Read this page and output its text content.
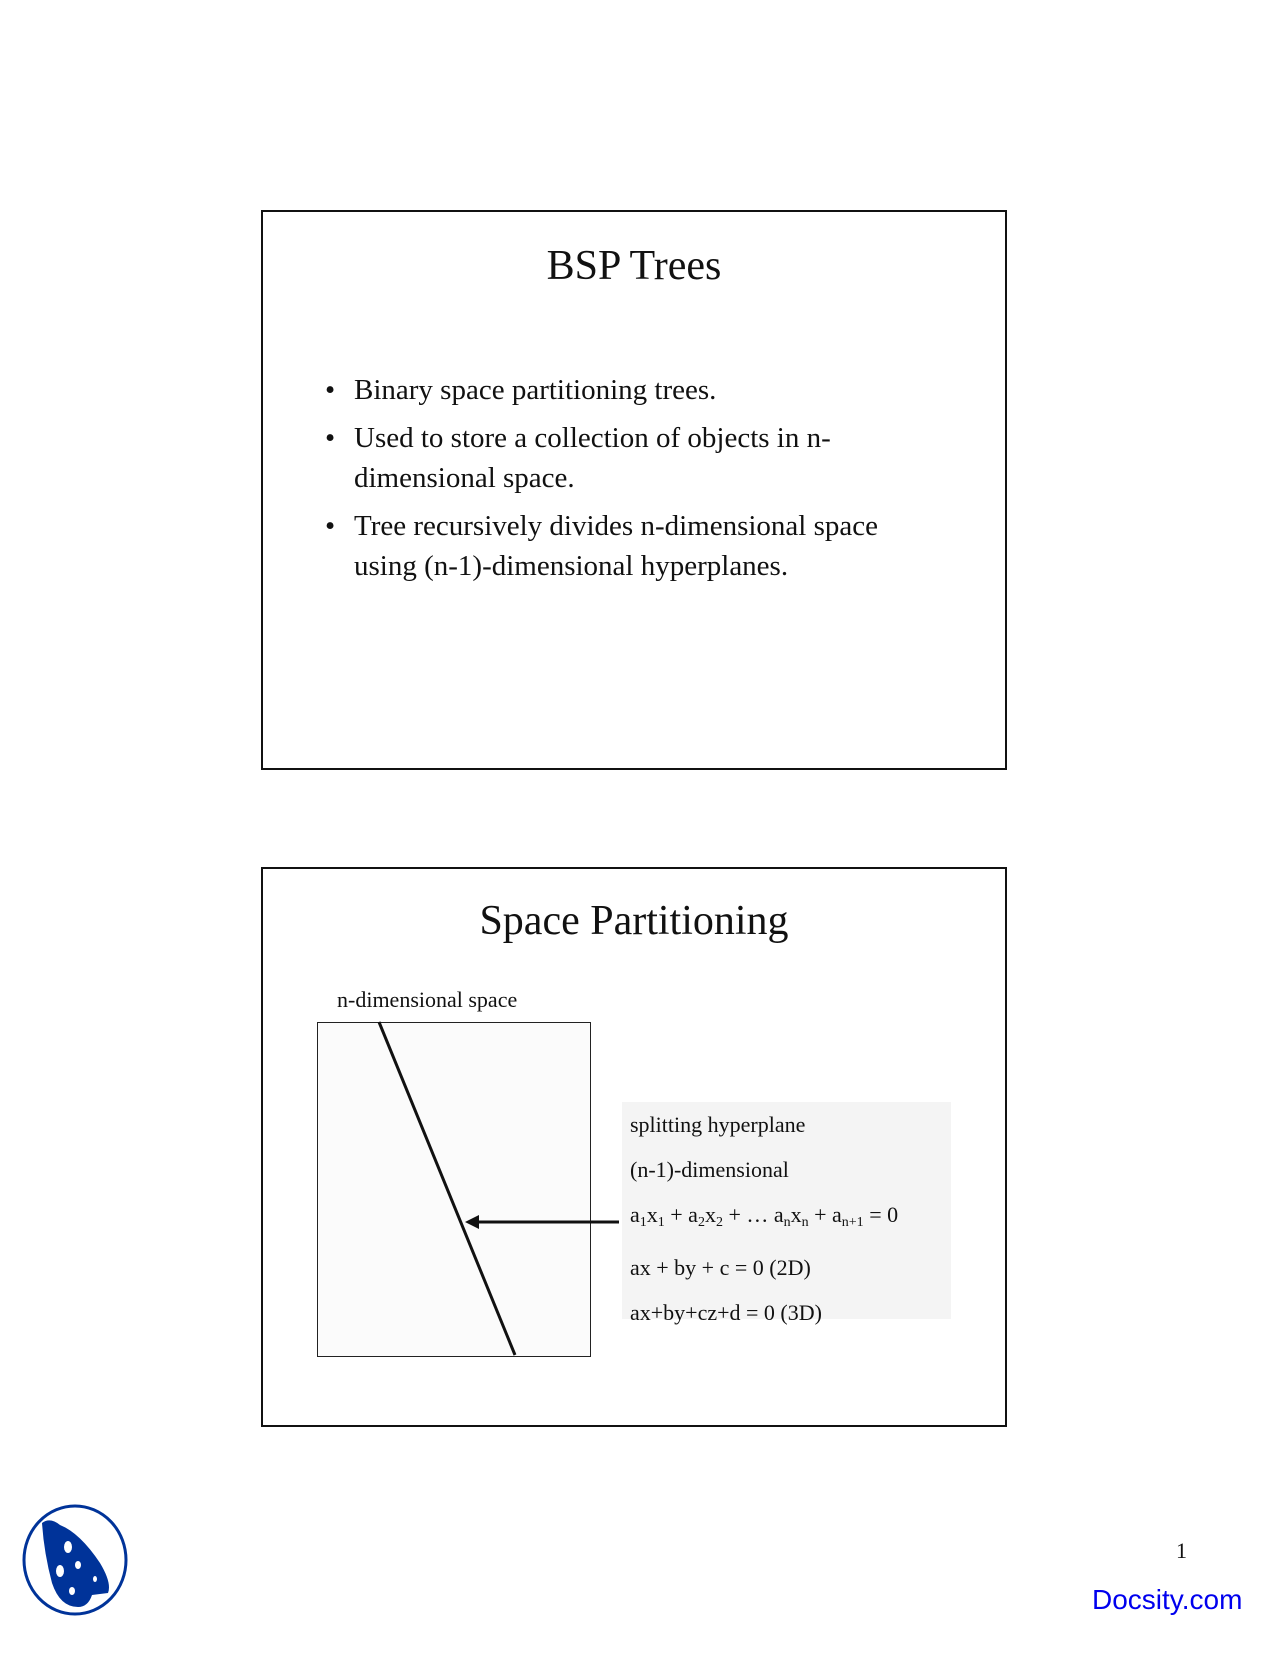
BSP Trees
• Binary space partitioning trees.
• Used to store a collection of objects in n-dimensional space.
• Tree recursively divides n-dimensional space using (n-1)-dimensional hyperplanes.
Space Partitioning
n-dimensional space
splitting hyperplane
(n-1)-dimensional
$a_1x_1 + a_2x_2$ + … $a_nx_n + a_{n+1} = 0$
ax + by + c = 0 (2D)
ax+by+cz+d = 0 (3D)
1
Docsity.com
